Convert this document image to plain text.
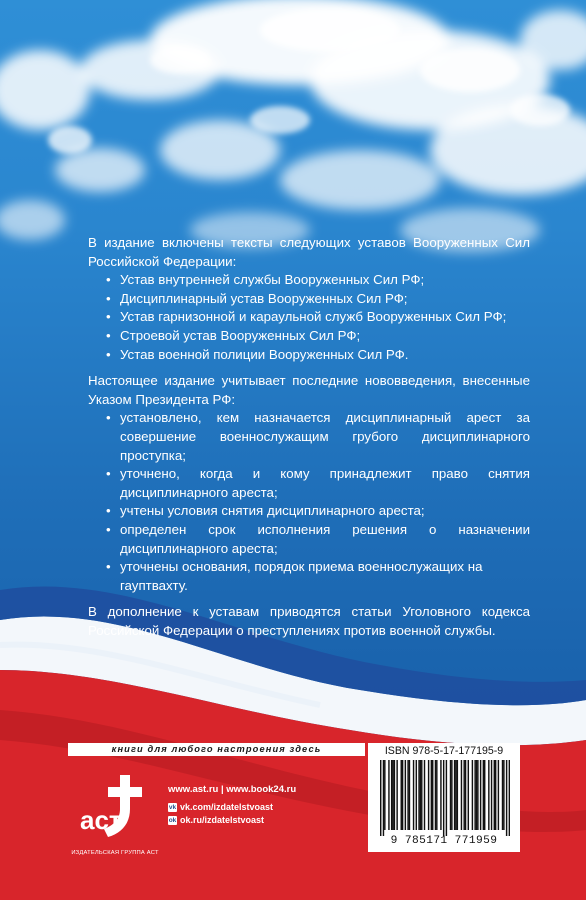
В издание включены тексты следующих уставов Вооруженных Сил Российской Федерации:

• Устав внутренней службы Вооруженных Сил РФ;
• Дисциплинарный устав Вооруженных Сил РФ;
• Устав гарнизонной и караульной служб Вооруженных Сил РФ;
• Строевой устав Вооруженных Сил РФ;
• Устав военной полиции Вооруженных Сил РФ.

Настоящее издание учитывает последние нововведения, внесенные Указом Президента РФ:

• установлено, кем назначается дисциплинарный арест за совершение военнослужащим грубого дисциплинарного проступка;
• уточнено, когда и кому принадлежит право снятия дисциплинарного ареста;
• учтены условия снятия дисциплинарного ареста;
• определен срок исполнения решения о назначении дисциплинарного ареста;
• уточнены основания, порядок приема военнослужащих на гауптвахту.

В дополнение к уставам приводятся статьи Уголовного кодекса Российской Федерации о преступлениях против военной службы.

книги для любого настроения здесь
аст
ИЗДАТЕЛЬСКАЯ ГРУППА АСТ
www.ast.ru | www.book24.ru
vk vk.com/izdatelstvoast
ok ok.ru/izdatelstvoast
ISBN 978-5-17-177195-9
9 785171 771959
